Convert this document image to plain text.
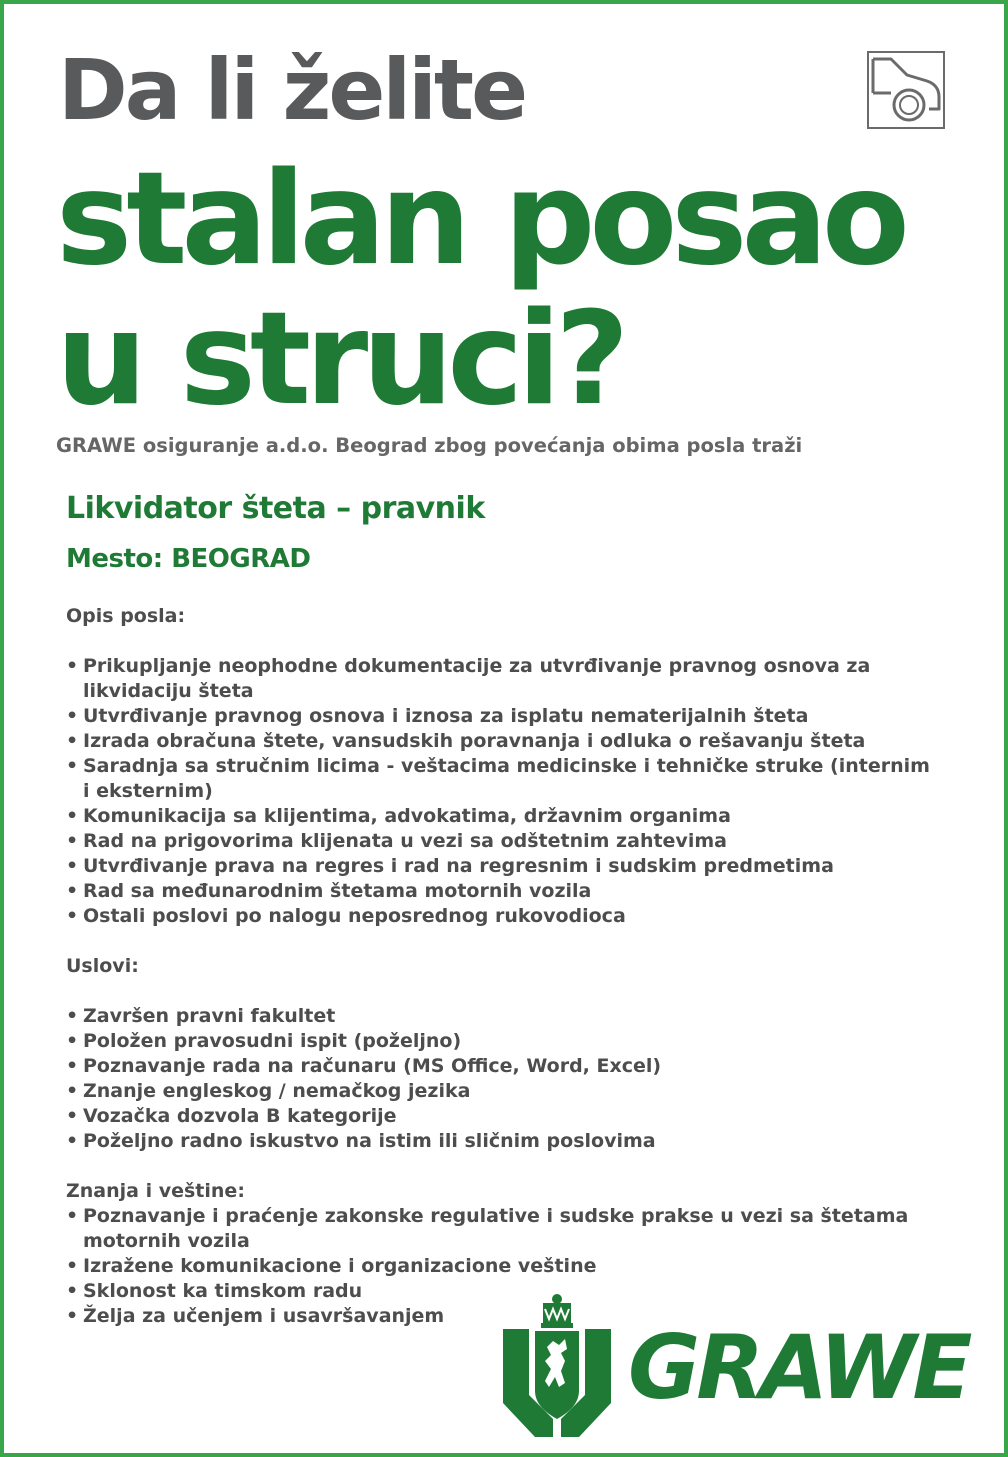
Da li želite
stalan posao
u struci?
GRAWE osiguranje a.d.o. Beograd zbog povećanja obima posla traži
Likvidator šteta – pravnik
Mesto: BEOGRAD

Opis posla:

• Prikupljanje neophodne dokumentacije za utvrđivanje pravnog osnova za likvidaciju šteta
• Utvrđivanje pravnog osnova i iznosa za isplatu nematerijalnih šteta
• Izrada obračuna štete, vansudskih poravnanja i odluka o rešavanju šteta
• Saradnja sa stručnim licima - veštacima medicinske i tehničke struke (internim i eksternim)
• Komunikacija sa klijentima, advokatima, državnim organima
• Rad na prigovorima klijenata u vezi sa odštetnim zahtevima
• Utvrđivanje prava na regres i rad na regresnim i sudskim predmetima
• Rad sa međunarodnim štetama motornih vozila
• Ostali poslovi po nalogu neposrednog rukovodioca

Uslovi:

• Završen pravni fakultet
• Položen pravosudni ispit (poželjno)
• Poznavanje rada na računaru (MS Office, Word, Excel)
• Znanje engleskog / nemačkog jezika
• Vozačka dozvola B kategorije
• Poželjno radno iskustvo na istim ili sličnim poslovima

Znanja i veštine:

• Poznavanje i praćenje zakonske regulative i sudske prakse u vezi sa štetama motornih vozila
• Izražene komunikacione i organizacione veštine
• Sklonost ka timskom radu
• Želja za učenjem i usavršavanjem	GRAWE
